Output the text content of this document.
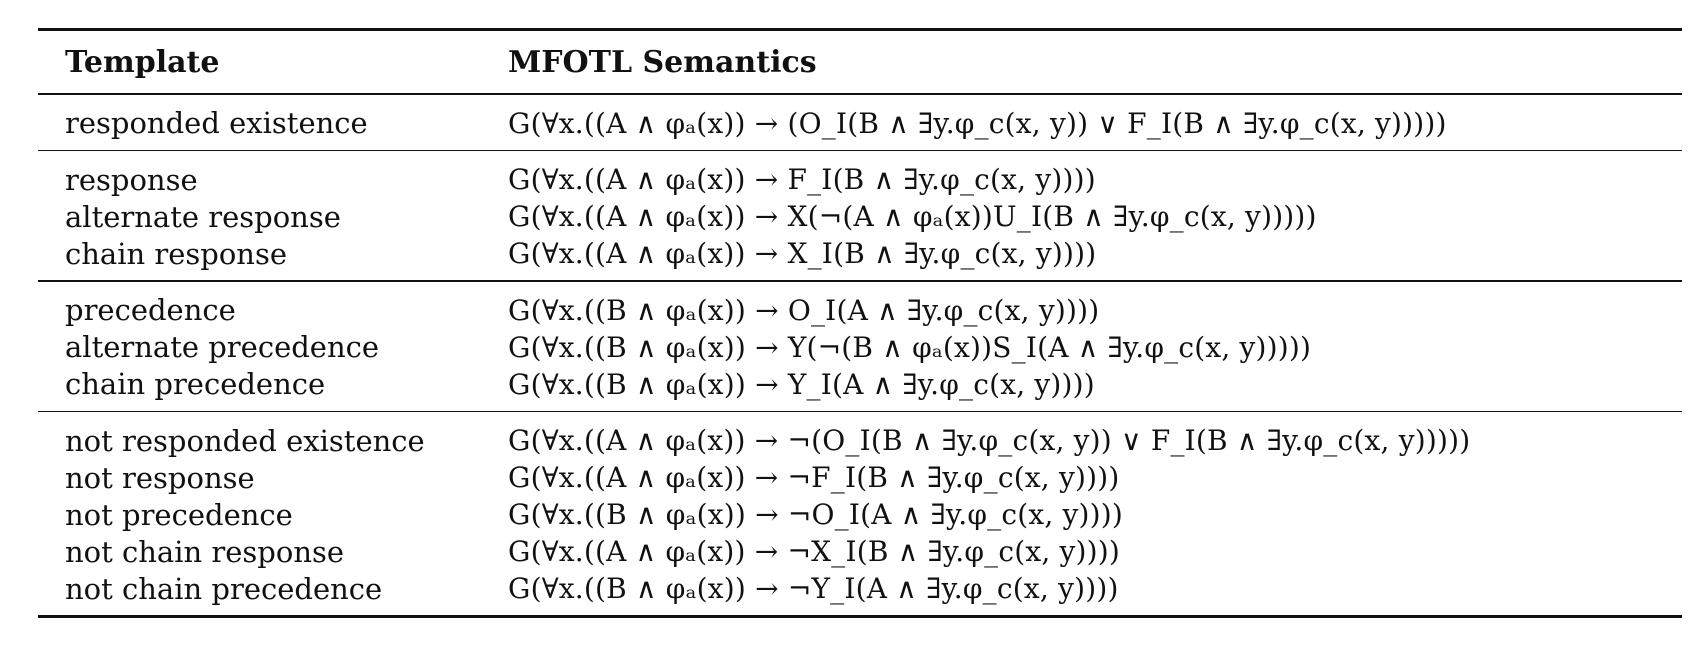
Template	MFOTL Semantics
responded existence	G(∀x.((A ∧ φₐ(x)) → (O_I(B ∧ ∃y.φ_c(x, y)) ∨ F_I(B ∧ ∃y.φ_c(x, y)))))
response	G(∀x.((A ∧ φₐ(x)) → F_I(B ∧ ∃y.φ_c(x, y))))
alternate response	G(∀x.((A ∧ φₐ(x)) → X(¬(A ∧ φₐ(x))U_I(B ∧ ∃y.φ_c(x, y)))))
chain response	G(∀x.((A ∧ φₐ(x)) → X_I(B ∧ ∃y.φ_c(x, y))))
precedence	G(∀x.((B ∧ φₐ(x)) → O_I(A ∧ ∃y.φ_c(x, y))))
alternate precedence	G(∀x.((B ∧ φₐ(x)) → Y(¬(B ∧ φₐ(x))S_I(A ∧ ∃y.φ_c(x, y)))))
chain precedence	G(∀x.((B ∧ φₐ(x)) → Y_I(A ∧ ∃y.φ_c(x, y))))
not responded existence	G(∀x.((A ∧ φₐ(x)) → ¬(O_I(B ∧ ∃y.φ_c(x, y)) ∨ F_I(B ∧ ∃y.φ_c(x, y)))))
not response	G(∀x.((A ∧ φₐ(x)) → ¬F_I(B ∧ ∃y.φ_c(x, y))))
not precedence	G(∀x.((B ∧ φₐ(x)) → ¬O_I(A ∧ ∃y.φ_c(x, y))))
not chain response	G(∀x.((A ∧ φₐ(x)) → ¬X_I(B ∧ ∃y.φ_c(x, y))))
not chain precedence	G(∀x.((B ∧ φₐ(x)) → ¬Y_I(A ∧ ∃y.φ_c(x, y))))
